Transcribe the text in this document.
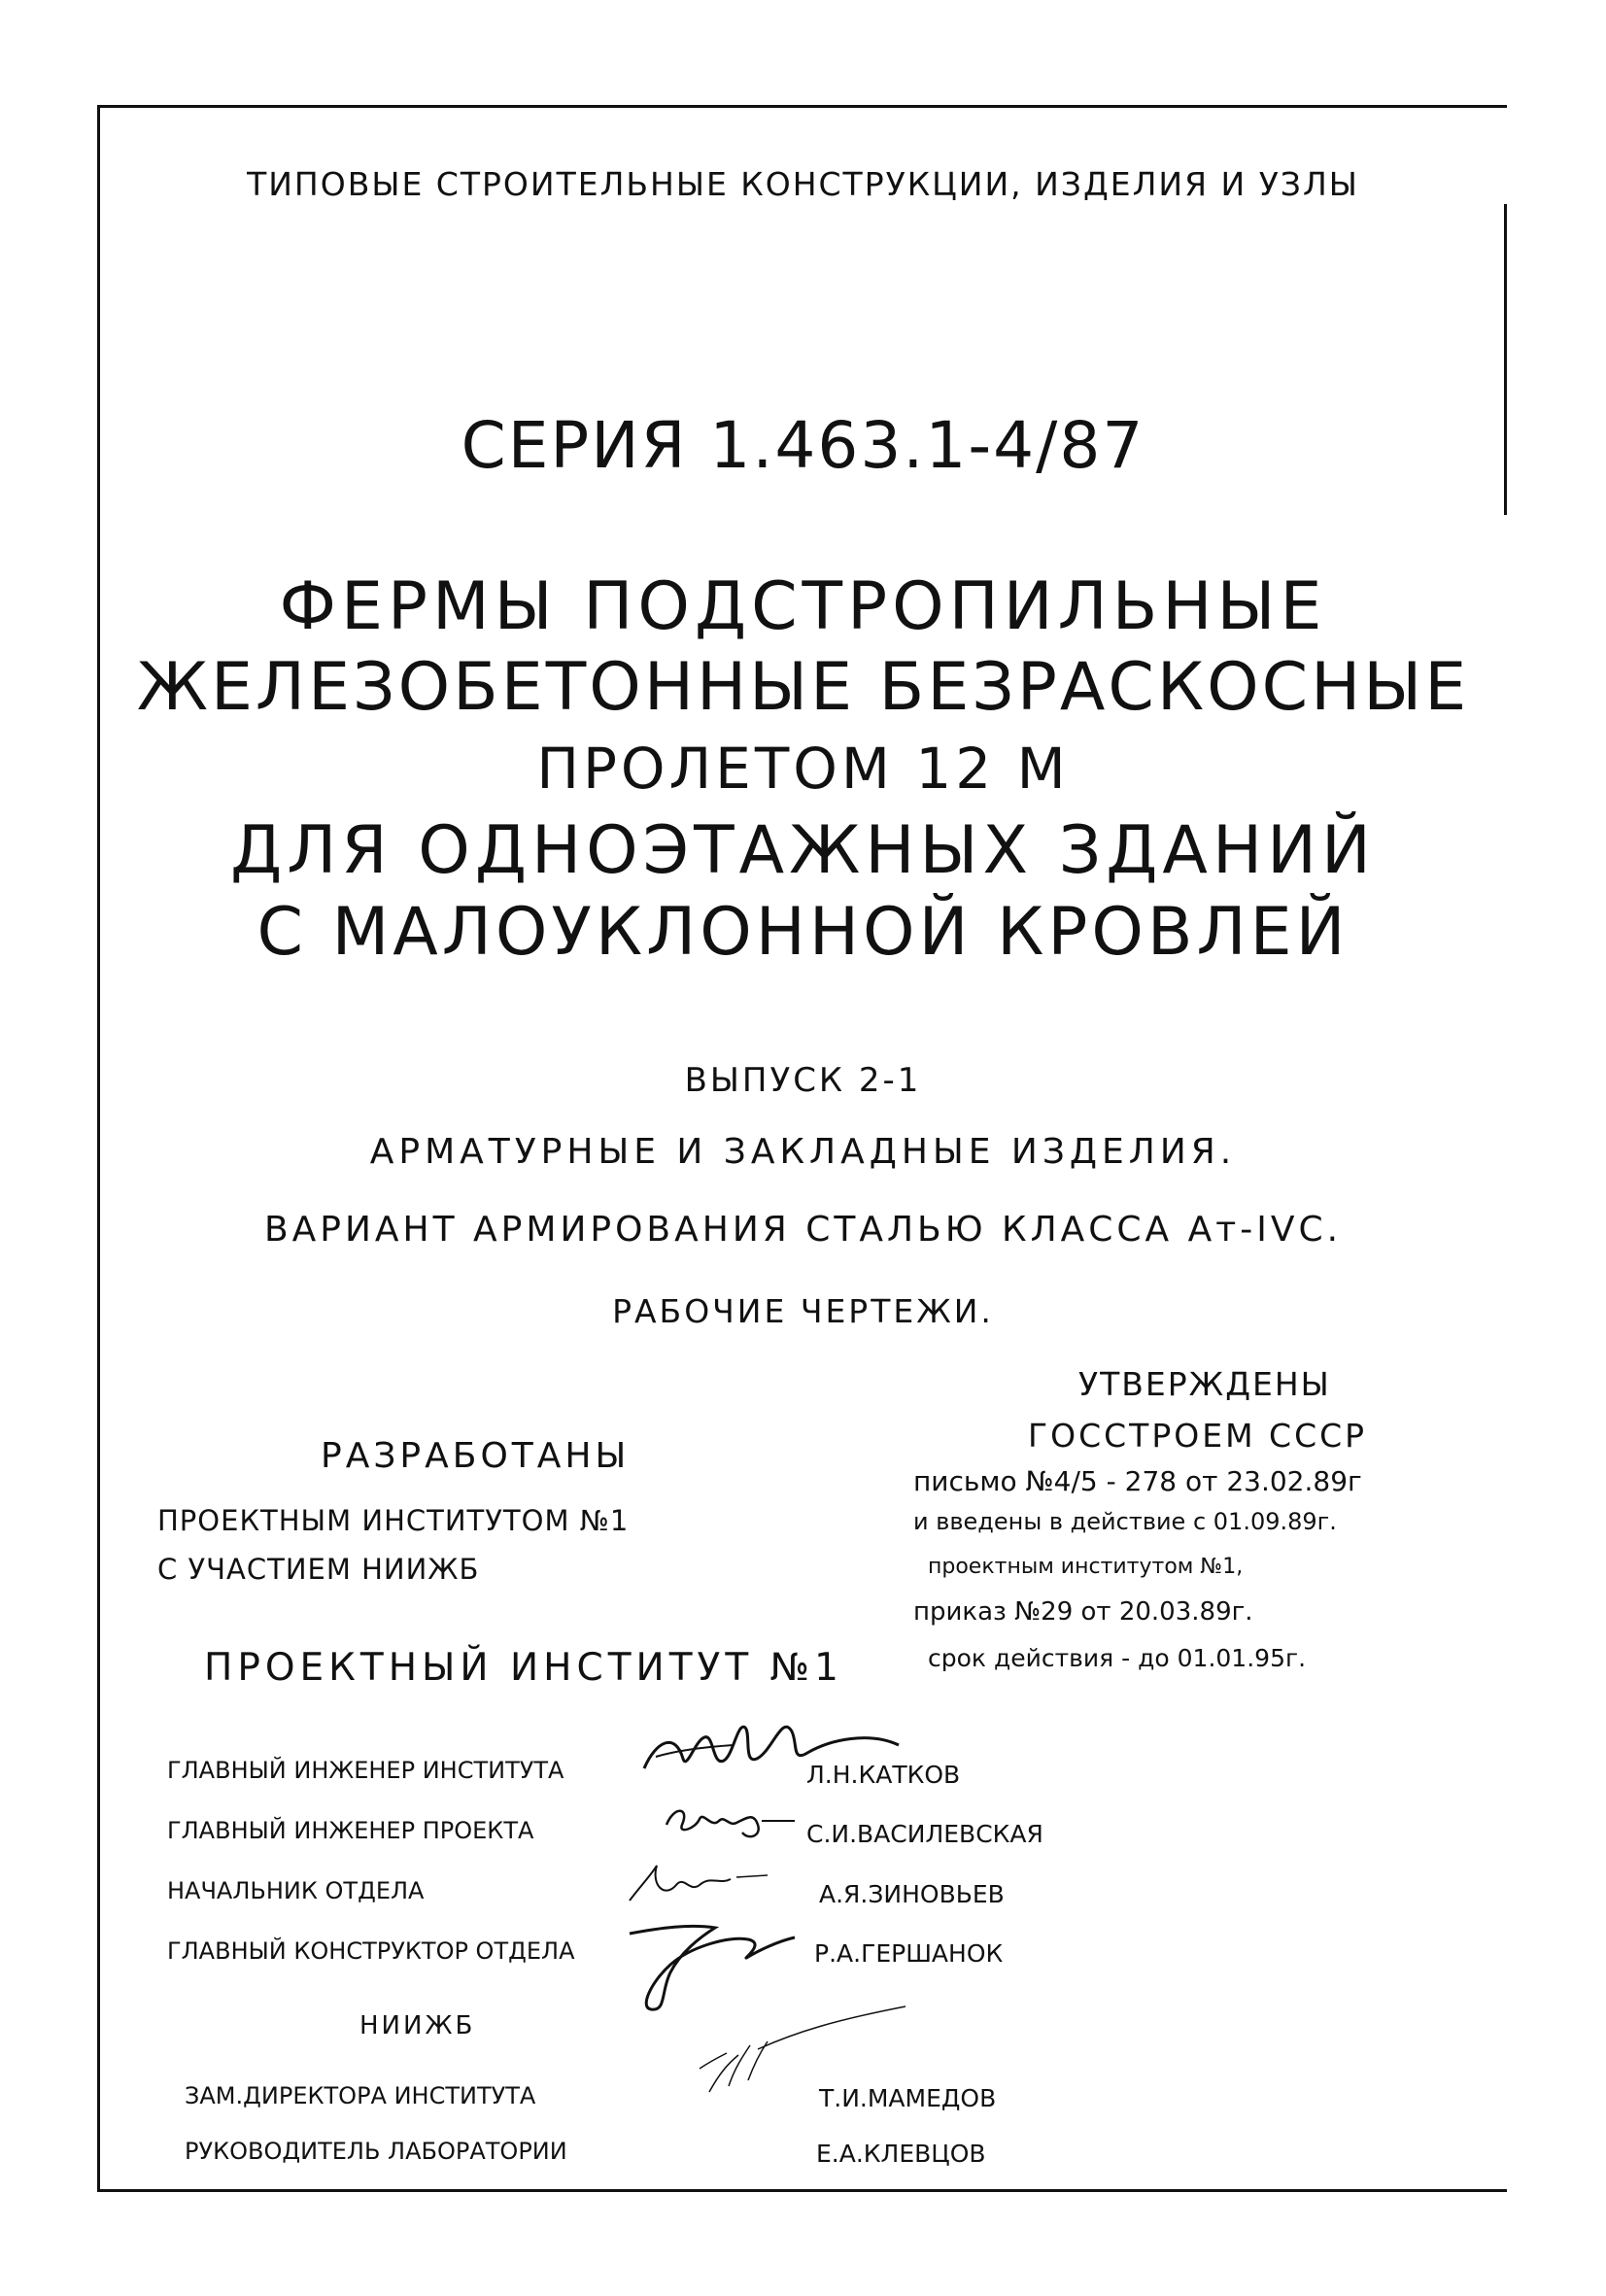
ТИПОВЫЕ СТРОИТЕЛЬНЫЕ КОНСТРУКЦИИ, ИЗДЕЛИЯ И УЗЛЫ
СЕРИЯ 1.463.1-4/87
ФЕРМЫ ПОДСТРОПИЛЬНЫЕ
ЖЕЛЕЗОБЕТОННЫЕ БЕЗРАСКОСНЫЕ
ПРОЛЕТОМ 12 М
ДЛЯ ОДНОЭТАЖНЫХ ЗДАНИЙ
С МАЛОУКЛОННОЙ КРОВЛЕЙ
ВЫПУСК 2-1
АРМАТУРНЫЕ И ЗАКЛАДНЫЕ ИЗДЕЛИЯ.
ВАРИАНТ АРМИРОВАНИЯ СТАЛЬЮ КЛАССА Ат-IVС.
РАБОЧИЕ ЧЕРТЕЖИ.
УТВЕРЖДЕНЫ
ГОССТРОЕМ СССР
письмо №4/5 - 278 от 23.02.89г
и введены в действие с 01.09.89г.
проектным институтом №1,
приказ №29 от 20.03.89г.
срок действия - до 01.01.95г.
РАЗРАБОТАНЫ
ПРОЕКТНЫМ ИНСТИТУТОМ №1
С УЧАСТИЕМ НИИЖБ
ПРОЕКТНЫЙ ИНСТИТУТ №1
ГЛАВНЫЙ ИНЖЕНЕР ИНСТИТУТА	Л.Н.КАТКОВ
ГЛАВНЫЙ ИНЖЕНЕР ПРОЕКТА	С.И.ВАСИЛЕВСКАЯ
НАЧАЛЬНИК ОТДЕЛА	А.Я.ЗИНОВЬЕВ
ГЛАВНЫЙ КОНСТРУКТОР ОТДЕЛА	Р.А.ГЕРШАНОК
НИИЖБ
ЗАМ.ДИРЕКТОРА ИНСТИТУТА	Т.И.МАМЕДОВ
РУКОВОДИТЕЛЬ ЛАБОРАТОРИИ	Е.А.КЛЕВЦОВ
